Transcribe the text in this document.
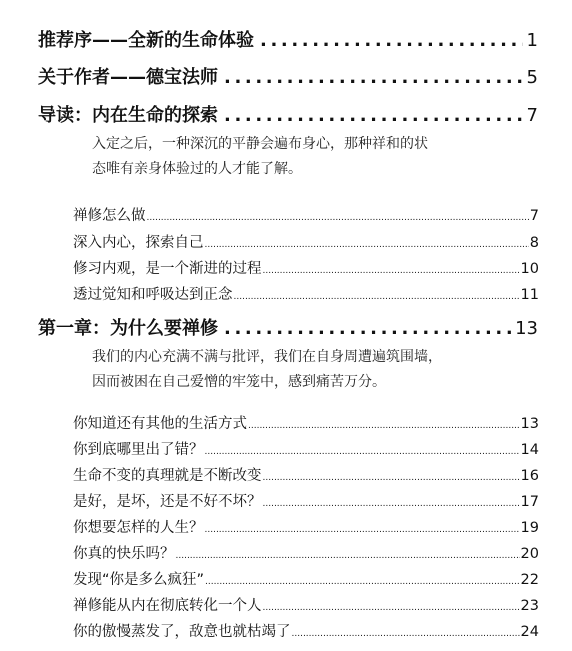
推荐序——全新的生命体验 .....	1
关于作者——德宝法师 .....	5
导读：内在生命的探索 .....	7
入定之后，一种深沉的平静会遍布身心，那种祥和的状
态唯有亲身体验过的人才能了解。
禅修怎么做 .....	7
深入内心，探索自己 .....	8
修习内观，是一个渐进的过程 .....	10
透过觉知和呼吸达到正念 .....	11
第一章：为什么要禅修 .....	13
我们的内心充满不满与批评，我们在自身周遭遍筑围墙，
因而被困在自己爱憎的牢笼中，感到痛苦万分。
你知道还有其他的生活方式 .....	13
你到底哪里出了错？ .....	14
生命不变的真理就是不断改变 .....	16
是好，是坏，还是不好不坏？ .....	17
你想要怎样的人生？ .....	19
你真的快乐吗？ .....	20
发现“你是多么疯狂” .....	22
禅修能从内在彻底转化一个人 .....	23
你的傲慢蒸发了，敌意也就枯竭了 .....	24
